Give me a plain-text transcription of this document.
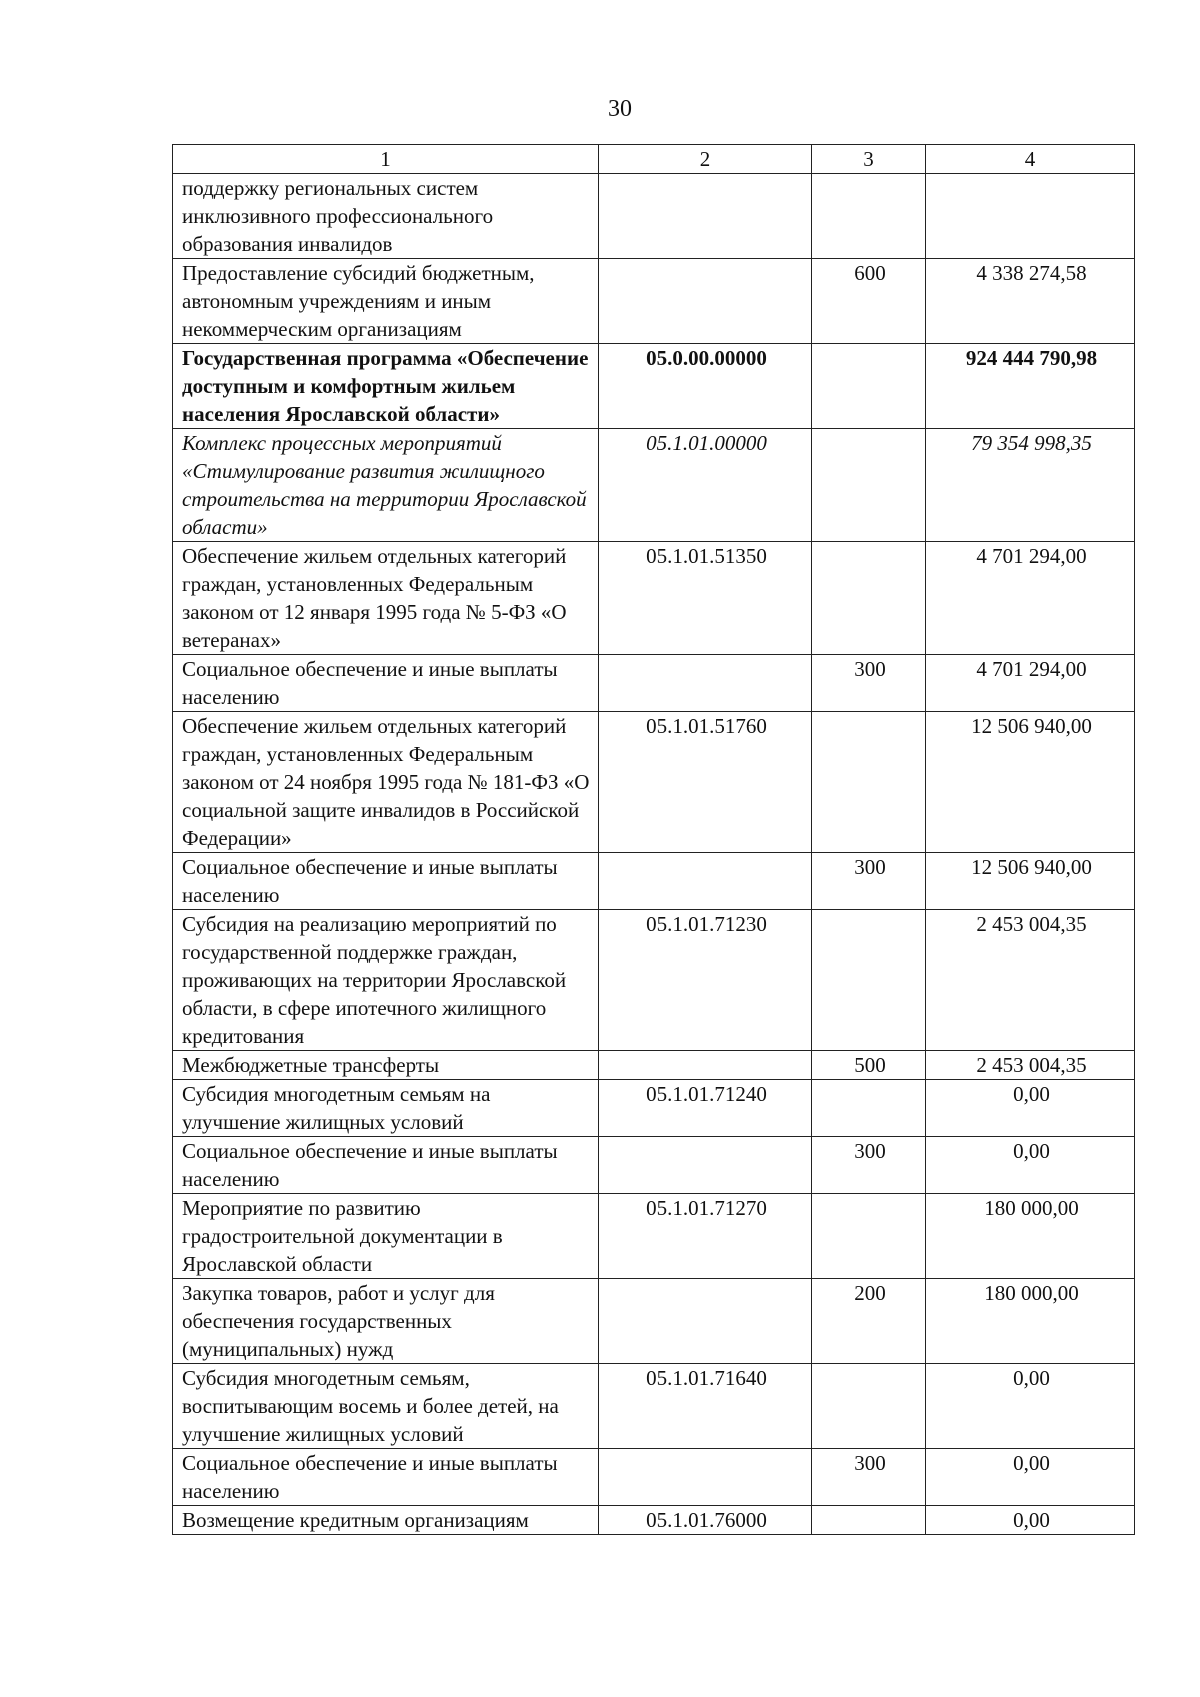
30
1	2	3	4
поддержку региональных систем инклюзивного профессионального образования инвалидов			
Предоставление субсидий бюджетным, автономным учреждениям и иным некоммерческим организациям		600	4 338 274,58
Государственная программа «Обеспечение доступным и комфортным жильем населения Ярославской области»	05.0.00.00000		924 444 790,98
Комплекс процессных мероприятий «Стимулирование развития жилищного строительства на территории Ярославской области»	05.1.01.00000		79 354 998,35
Обеспечение жильем отдельных категорий граждан, установленных Федеральным законом от 12 января 1995 года № 5-ФЗ «О ветеранах»	05.1.01.51350		4 701 294,00
Социальное обеспечение и иные выплаты населению		300	4 701 294,00
Обеспечение жильем отдельных категорий граждан, установленных Федеральным законом от 24 ноября 1995 года № 181-ФЗ «О социальной защите инвалидов в Российской Федерации»	05.1.01.51760		12 506 940,00
Социальное обеспечение и иные выплаты населению		300	12 506 940,00
Субсидия на реализацию мероприятий по государственной поддержке граждан, проживающих на территории Ярославской области, в сфере ипотечного жилищного кредитования	05.1.01.71230		2 453 004,35
Межбюджетные трансферты		500	2 453 004,35
Субсидия многодетным семьям на улучшение жилищных условий	05.1.01.71240		0,00
Социальное обеспечение и иные выплаты населению		300	0,00
Мероприятие по развитию градостроительной документации в Ярославской области	05.1.01.71270		180 000,00
Закупка товаров, работ и услуг для обеспечения государственных (муниципальных) нужд		200	180 000,00
Субсидия многодетным семьям, воспитывающим восемь и более детей, на улучшение жилищных условий	05.1.01.71640		0,00
Социальное обеспечение и иные выплаты населению		300	0,00
Возмещение кредитным организациям	05.1.01.76000		0,00
